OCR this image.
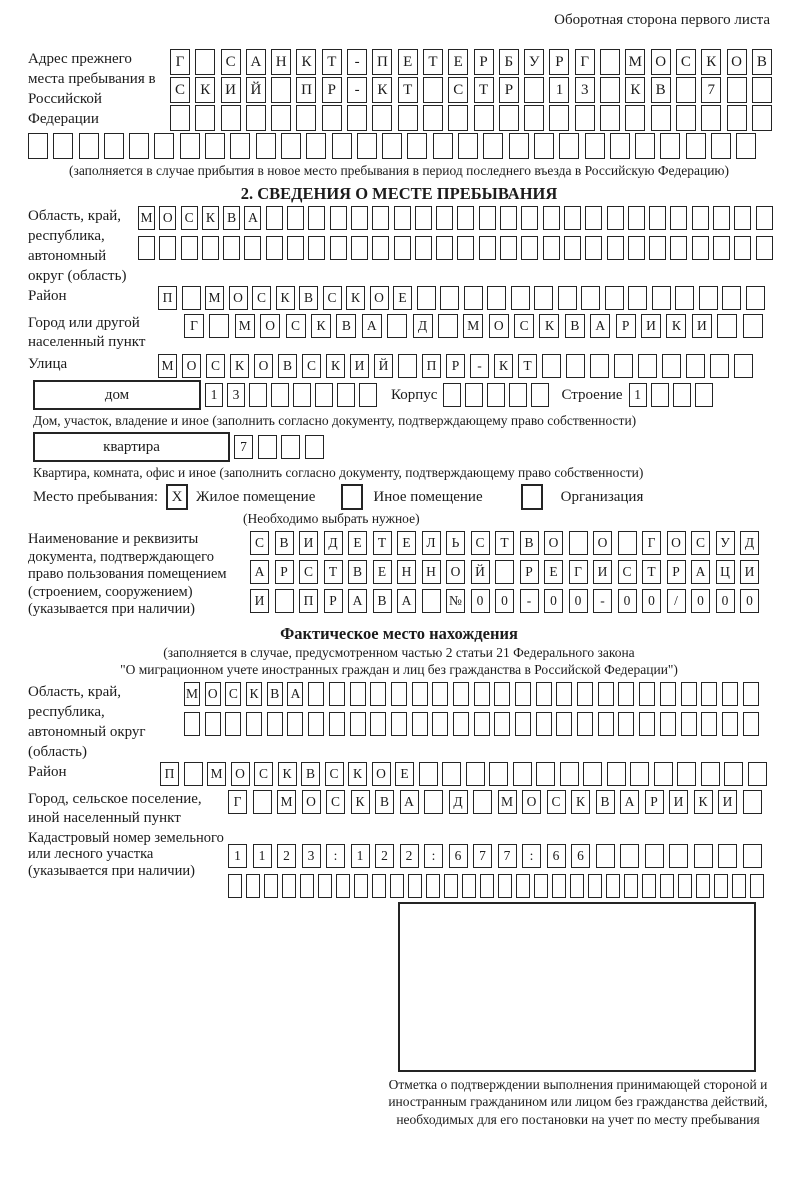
Оборотная сторона первого листа
Адрес прежнего места пребывания в Российской Федерации
Г	С А Н К	Т	-	П	Е	Т	Е	Р	Б	У	Р	Г	М О С	К О В
С	К И Й	П	Р	-	К	Т	С	Т	Р	1	3	К	В	7
(заполняется в случае прибытия в новое место пребывания в период последнего въезда в Российскую Федерацию)
2. СВЕДЕНИЯ О МЕСТЕ ПРЕБЫВАНИЯ
Область, край, республика, автономный округ (область)
М О С К В А
Район	П	М О	С	К	В	С	К	О	Е
Город или другой населенный пункт
Г	М	О	С	К	В	А	Д	М	О	С	К	В	А	Р	И	К	И
Улица	М О	С	К	О	В	С	К	И	Й	П	Р	-	К	Т
дом	1	3	Корпус	Строение 1
Дом, участок, владение и иное (заполнить согласно документу, подтверждающему право собственности)
квартира	7
Квартира, комната, офис и иное (заполнить согласно документу, подтверждающему право собственности)
Место пребывания: X Жилое помещение	Иное помещение	Организация
(Необходимо выбрать нужное)
Наименование и реквизиты документа, подтверждающего право пользования помещением (строением, сооружением) (указывается при наличии)
С	В	И	Д	Е	Т	Е	Л	Ь	С	Т	В	О	О	Г	О	С	У	Д
А	Р	С	Т	В	Е	Н	Н	О	Й	Р	Е	Г	И	С	Т	Р	А	Ц	И
И	П	Р	А	В	А	№	0	0	-	0	0	-	0	0	/	0	0	0
Фактическое место нахождения
(заполняется в случае, предусмотренном частью 2 статьи 21 Федерального закона
"О миграционном учете иностранных граждан и лиц без гражданства в Российской Федерации")
Область, край, республика, автономный округ (область)
М О С К В А
Район	П	М О	С	К	В	С	К	О	Е
Город, сельское поселение, иной населенный пункт
Г	М	О	С	К	В	А	Д	М	О	С	К	В	А	Р	И	К	И
Кадастровый номер земельного или лесного участка (указывается при наличии)
1	1	2	3	:	1	2	2	:	6	7	7	:	6	6
Отметка о подтверждении выполнения принимающей стороной и иностранным гражданином или лицом без гражданства действий, необходимых для его постановки на учет по месту пребывания
